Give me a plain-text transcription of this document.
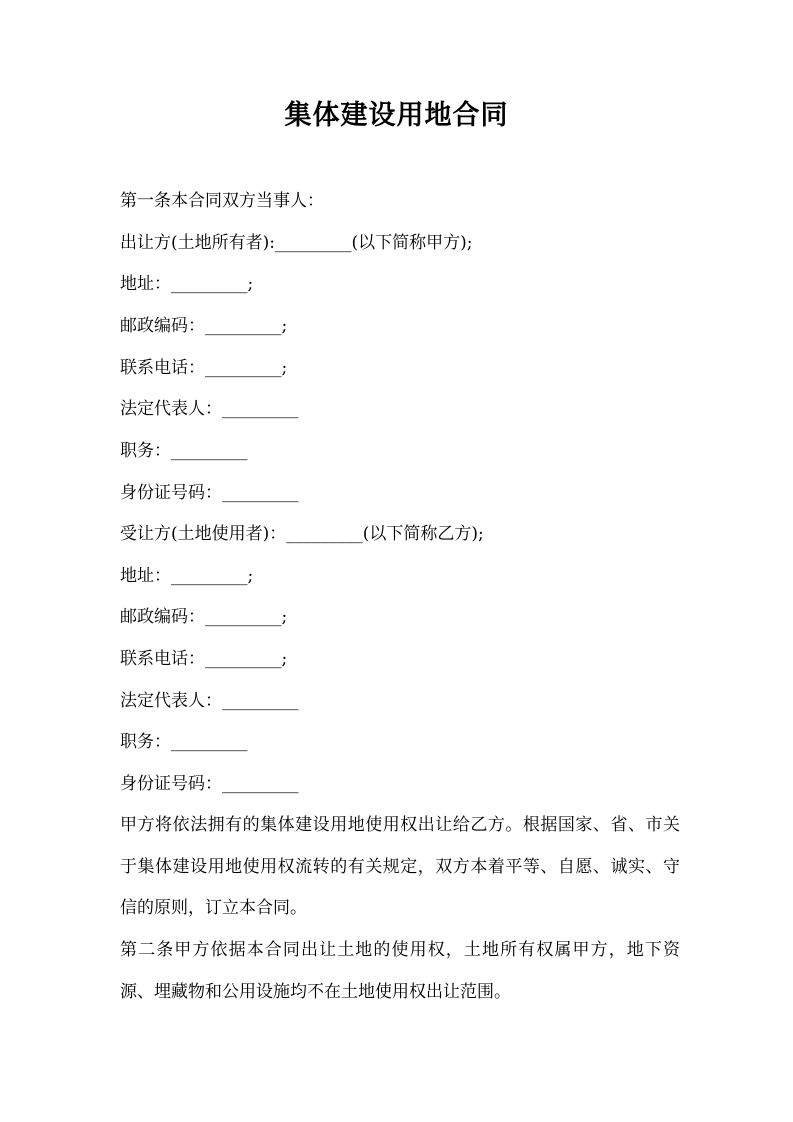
集体建设用地合同
第一条本合同双方当事人：
出让方(土地所有者):_________(以下简称甲方);
地址：_________;
邮政编码：_________;
联系电话：_________;
法定代表人：_________
职务：_________
身份证号码：_________
受让方(土地使用者)：_________(以下简称乙方);
地址：_________;
邮政编码：_________;
联系电话：_________;
法定代表人：_________
职务：_________
身份证号码：_________
甲方将依法拥有的集体建设用地使用权出让给乙方。根据国家、省、市关于集体建设用地使用权流转的有关规定，双方本着平等、自愿、诚实、守信的原则，订立本合同。
第二条甲方依据本合同出让土地的使用权，土地所有权属甲方，地下资源、埋藏物和公用设施均不在土地使用权出让范围。
